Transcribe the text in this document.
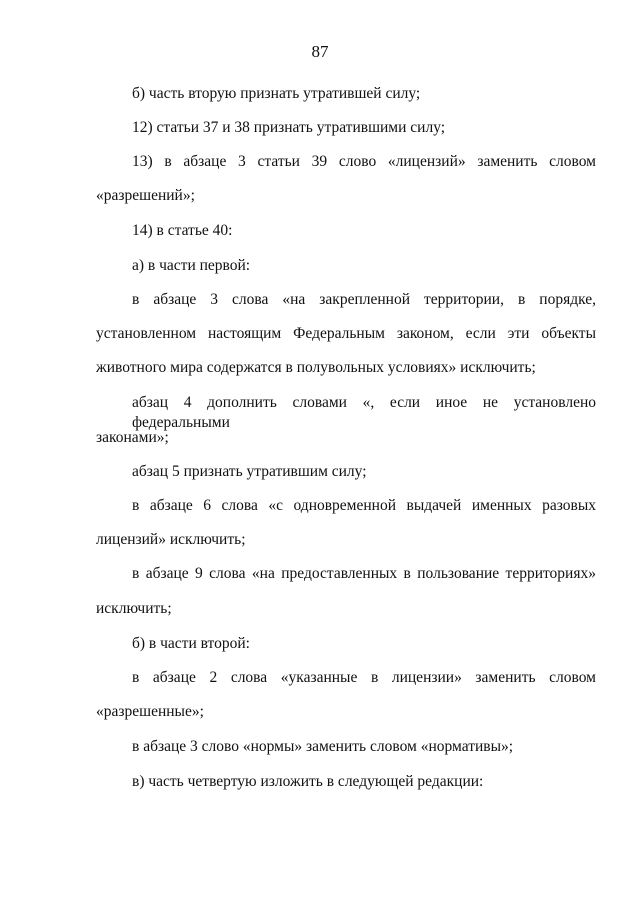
87
б) часть вторую признать утратившей силу;
12) статьи 37 и 38 признать утратившими силу;
13) в абзаце 3 статьи 39 слово «лицензий» заменить словом
«разрешений»;
14) в статье 40:
а) в части первой:
в абзаце 3 слова «на закрепленной территории, в порядке,
установленном настоящим Федеральным законом, если эти объекты
животного мира содержатся в полувольных условиях» исключить;
абзац 4 дополнить словами «, если иное не установлено федеральными
законами»;
абзац 5 признать утратившим силу;
в абзаце 6 слова «с одновременной выдачей именных разовых
лицензий» исключить;
в абзаце 9 слова «на предоставленных в пользование территориях»
исключить;
б) в части второй:
в абзаце 2 слова «указанные в лицензии» заменить словом
«разрешенные»;
в абзаце 3 слово «нормы» заменить словом «нормативы»;
в) часть четвертую изложить в следующей редакции:
